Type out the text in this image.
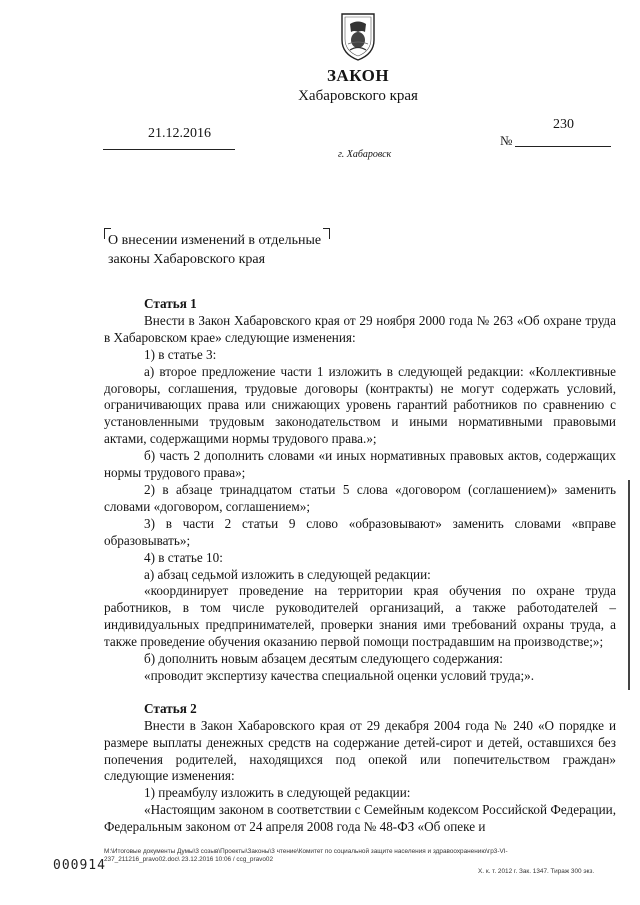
ЗАКОН
Хабаровского края
21.12.2016
230
№
г. Хабаровск
О внесении изменений в отдельные
законы Хабаровского края

Статья 1

Внести в Закон Хабаровского края от 29 ноября 2000 года № 263 «Об охране труда в Хабаровском крае» следующие изменения:

1) в статье 3:

а) второе предложение части 1 изложить в следующей редакции: «Коллективные договоры, соглашения, трудовые договоры (контракты) не могут содержать условий, ограничивающих права или снижающих уровень гарантий работников по сравнению с установленными трудовым законодательством и иными нормативными правовыми актами, содержащими нормы трудового права.»;

б) часть 2 дополнить словами «и иных нормативных правовых актов, содержащих нормы трудового права»;

2) в абзаце тринадцатом статьи 5 слова «договором (соглашением)» заменить словами «договором, соглашением»;

3) в части 2 статьи 9 слово «образовывают» заменить словами «вправе образовывать»;

4) в статье 10:

а) абзац седьмой изложить в следующей редакции:

«координирует проведение на территории края обучения по охране труда работников, в том числе руководителей организаций, а также работодателей – индивидуальных предпринимателей, проверки знания ими требований охраны труда, а также проведение обучения оказанию первой помощи пострадавшим на производстве;»;

б) дополнить новым абзацем десятым следующего содержания:

«проводит экспертизу качества специальной оценки условий труда;».

Статья 2

Внести в Закон Хабаровского края от 29 декабря 2004 года № 240 «О порядке и размере выплаты денежных средств на содержание детей-сирот и детей, оставшихся без попечения родителей, находящихся под опекой или попечительством граждан» следующие изменения:

1) преамбулу изложить в следующей редакции:

«Настоящим законом в соответствии с Семейным кодексом Российской Федерации, Федеральным законом от 24 апреля 2008 года № 48-ФЗ «Об опеке и

M:\Итоговые документы Думы\3 созыв\Проекты\Законы\3 чтение\Комитет по социальной защите населения и здравоохранению\гр3-VI-
237_211216_pravo02.doc\ 23.12.2016 10:06 / ccg_pravo02
000914	Х. к. т. 2012 г. Зак. 1347. Тираж 300 экз.
